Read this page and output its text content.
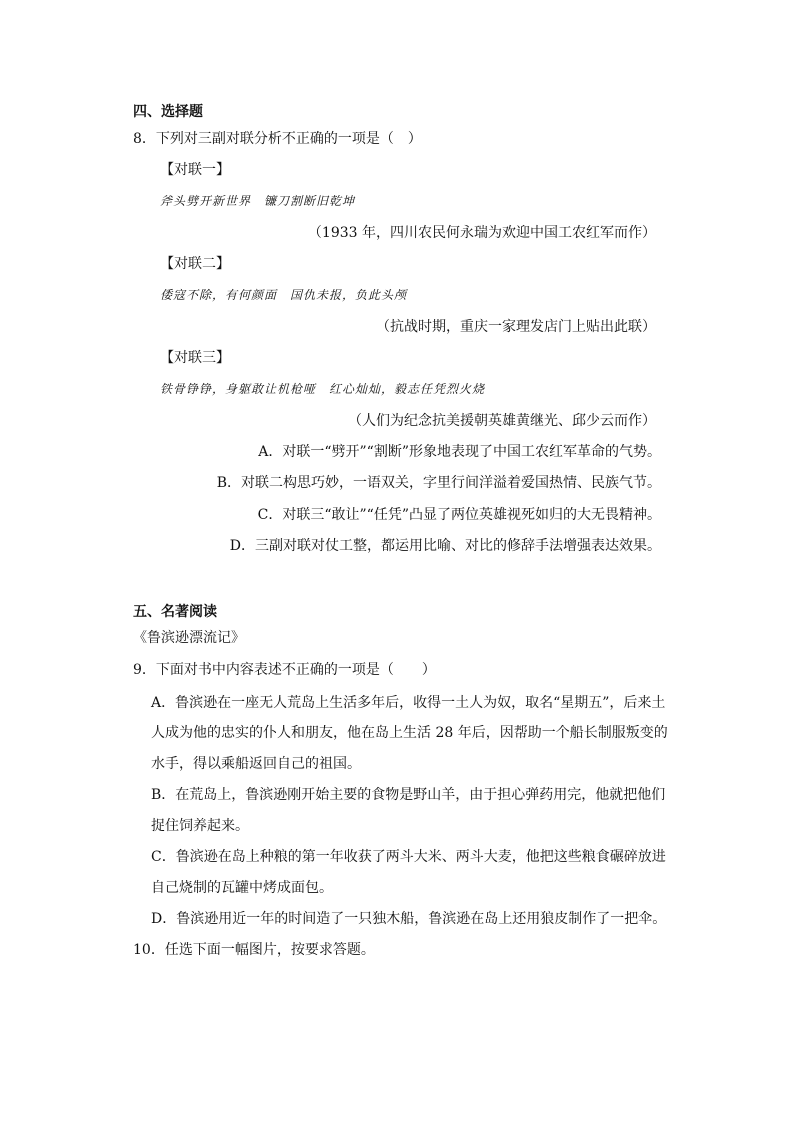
四、选择题
8．下列对三副对联分析不正确的一项是（　）
【对联一】
斧头劈开新世界　镰刀割断旧乾坤
（1933 年，四川农民何永瑞为欢迎中国工农红军而作）
【对联二】
倭寇不除，有何颜面　国仇未报，负此头颅
（抗战时期，重庆一家理发店门上贴出此联）
【对联三】
铁骨铮铮，身躯敢让机枪哑　红心灿灿，毅志任凭烈火烧
（人们为纪念抗美援朝英雄黄继光、邱少云而作）
A．对联一“劈开”“割断”形象地表现了中国工农红军革命的气势。
B．对联二构思巧妙，一语双关，字里行间洋溢着爱国热情、民族气节。
C．对联三“敢让”“任凭”凸显了两位英雄视死如归的大无畏精神。
D．三副对联对仗工整，都运用比喻、对比的修辞手法增强表达效果。
五、名著阅读
《鲁滨逊漂流记》
9．下面对书中内容表述不正确的一项是（　　）
A．鲁滨逊在一座无人荒岛上生活多年后，收得一土人为奴，取名“星期五”，后来土
人成为他的忠实的仆人和朋友，他在岛上生活 28 年后，因帮助一个船长制服叛变的
水手，得以乘船返回自己的祖国。
B．在荒岛上，鲁滨逊刚开始主要的食物是野山羊，由于担心弹药用完，他就把他们
捉住饲养起来。
C．鲁滨逊在岛上种粮的第一年收获了两斗大米、两斗大麦，他把这些粮食碾碎放进
自己烧制的瓦罐中烤成面包。
D．鲁滨逊用近一年的时间造了一只独木船，鲁滨逊在岛上还用狼皮制作了一把伞。
10．任选下面一幅图片，按要求答题。
